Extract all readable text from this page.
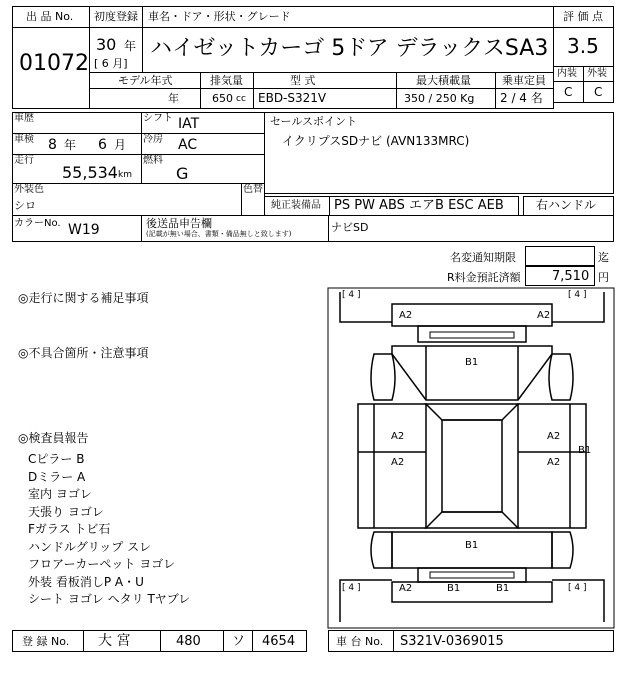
出 品 No.
01072
初度登録 車名・ドア・形状・グレード
30 年
[ 6 月]
ハイゼットカーゴ 5ドア デラックスSA3
評 価 点
3.5
内装 外装
C C
モデル年式	排気量	型 式	最大積載量	乗車定員
年	650 cc EBD-S321V	350 / 250 Kg 2 / 4 名
車歴	シフト IAT
車検 8 年 6 月 冷房 AC
走行
55,534 km
燃料
G
外装色
シロ
色替
カラーNo. W19	後送品申告欄
(記載が無い場合、書類・備品無しと致します)
セールスポイント
イクリプスSDナビ (AVN133MRC)
純正装備品 PS PW ABS エアB ESC AEB	右ハンドル
ナビSD
名変通知期限	迄
R料金預託済額 7,510 円
◎走行に関する補足事項
◎不具合箇所・注意事項
◎検査員報告
Cピラー B
Dミラー A
室内 ヨゴレ
天張り ヨゴレ
Fガラス トビ石
ハンドルグリップ スレ
フロアーカーペット ヨゴレ
外装 看板消しP A・U
シート ヨゴレ ヘタリ Tヤブレ
[ 4 ]	[ 4 ]
[ 4 ]	[ 4 ]
A2	A2
B1
A2
A2
A2
A2
B1
B1
A2	B1	B1
登 録 No. 大 宮	480 ソ 4654	車 台 No. S321V-0369015
